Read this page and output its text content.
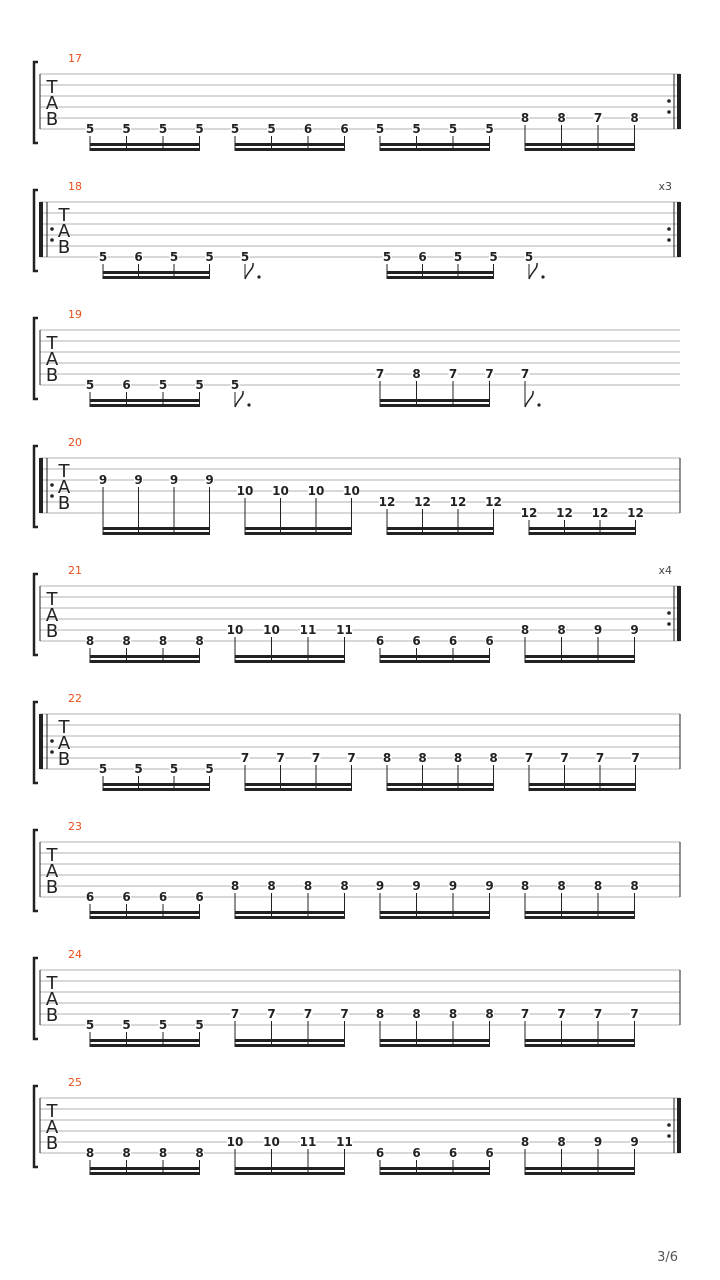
17
T
A
B 5 5 5 5 5 5 6 6 5 5 5 5
8 8 7 8
18
T
A
B
x3
5 6 5 5 5	5 6 5 5 5
19
T
A
B 5 6 5 5 5
7 8 7 7 7
20
T
A
B
9 9 9 9
10 10 10 10
12 12 12 12
12 12 12 12
21
T
A
B
x4
8 8 8 8
10 10 11 11
6 6 6 6
8 8 9 9
22
T
A
B 5 5 5 5
7 7 7 7 8 8 8 8 7 7 7 7
23
T
A
B 6 6 6 6
8 8 8 8 9 9 9 9 8 8 8 8
24
T
A
B 5 5 5 5
7 7 7 7 8 8 8 8 7 7 7 7
25
T
A
B 8 8 8 8
10 10 11 11
6 6 6 6
8 8 9 9
3/6
